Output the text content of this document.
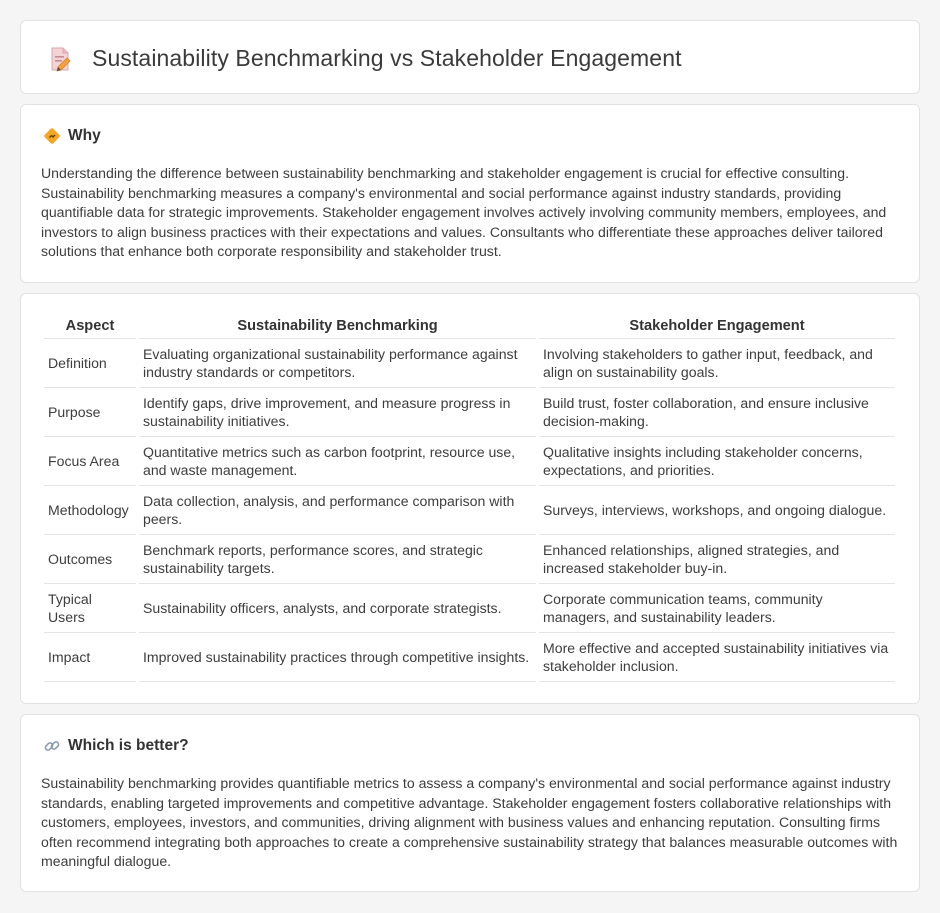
Sustainability Benchmarking vs Stakeholder Engagement
Why

Understanding the difference between sustainability benchmarking and stakeholder engagement is crucial for effective consulting. Sustainability benchmarking measures a company's environmental and social performance against industry standards, providing quantifiable data for strategic improvements. Stakeholder engagement involves actively involving community members, employees, and investors to align business practices with their expectations and values. Consultants who differentiate these approaches deliver tailored solutions that enhance both corporate responsibility and stakeholder trust.

Aspect	Sustainability Benchmarking	Stakeholder Engagement
Definition	Evaluating organizational sustainability performance against industry standards or competitors.	Involving stakeholders to gather input, feedback, and align on sustainability goals.
Purpose	Identify gaps, drive improvement, and measure progress in sustainability initiatives.	Build trust, foster collaboration, and ensure inclusive decision-making.
Focus Area	Quantitative metrics such as carbon footprint, resource use, and waste management.	Qualitative insights including stakeholder concerns, expectations, and priorities.
Methodology	Data collection, analysis, and performance comparison with peers.	Surveys, interviews, workshops, and ongoing dialogue.
Outcomes	Benchmark reports, performance scores, and strategic sustainability targets.	Enhanced relationships, aligned strategies, and increased stakeholder buy-in.
Typical Users	Sustainability officers, analysts, and corporate strategists.	Corporate communication teams, community managers, and sustainability leaders.
Impact	Improved sustainability practices through competitive insights.	More effective and accepted sustainability initiatives via stakeholder inclusion.
Which is better?

Sustainability benchmarking provides quantifiable metrics to assess a company's environmental and social performance against industry standards, enabling targeted improvements and competitive advantage. Stakeholder engagement fosters collaborative relationships with customers, employees, investors, and communities, driving alignment with business values and enhancing reputation. Consulting firms often recommend integrating both approaches to create a comprehensive sustainability strategy that balances measurable outcomes with meaningful dialogue.
